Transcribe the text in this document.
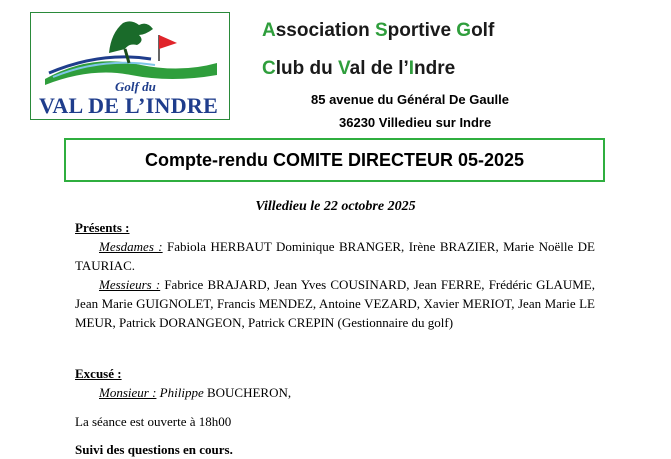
Golf du
VAL DE L’INDRE
Association Sportive Golf
Club du Val de l’Indre
85 avenue du Général De Gaulle
36230 Villedieu sur Indre
Compte-rendu COMITE DIRECTEUR 05-2025
Villedieu le 22 octobre 2025
Présents :
Mesdames : Fabiola HERBAUT Dominique BRANGER, Irène BRAZIER, Marie Noëlle DE TAURIAC.
Messieurs : Fabrice BRAJARD, Jean Yves COUSINARD, Jean FERRE, Frédéric GLAUME, Jean Marie GUIGNOLET, Francis MENDEZ, Antoine VEZARD, Xavier MERIOT, Jean Marie LE MEUR, Patrick DORANGEON, Patrick CREPIN (Gestionnaire du golf)
Excusé :
Monsieur : Philippe BOUCHERON,
La séance est ouverte à 18h00
Suivi des questions en cours.
